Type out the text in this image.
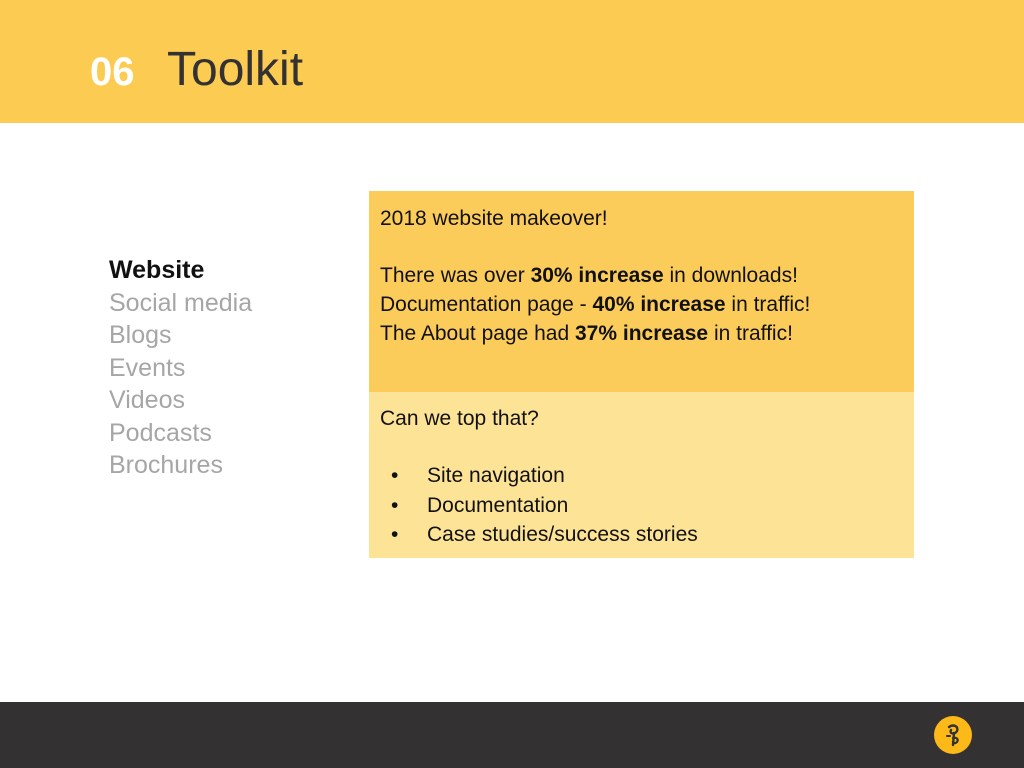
06 Toolkit
Website
Social media
Blogs
Events
Videos
Podcasts
Brochures
2018 website makeover!
There was over 30% increase in downloads!
Documentation page - 40% increase in traffic!
The About page had 37% increase in traffic!
Can we top that?
• Site navigation
• Documentation
• Case studies/success stories
